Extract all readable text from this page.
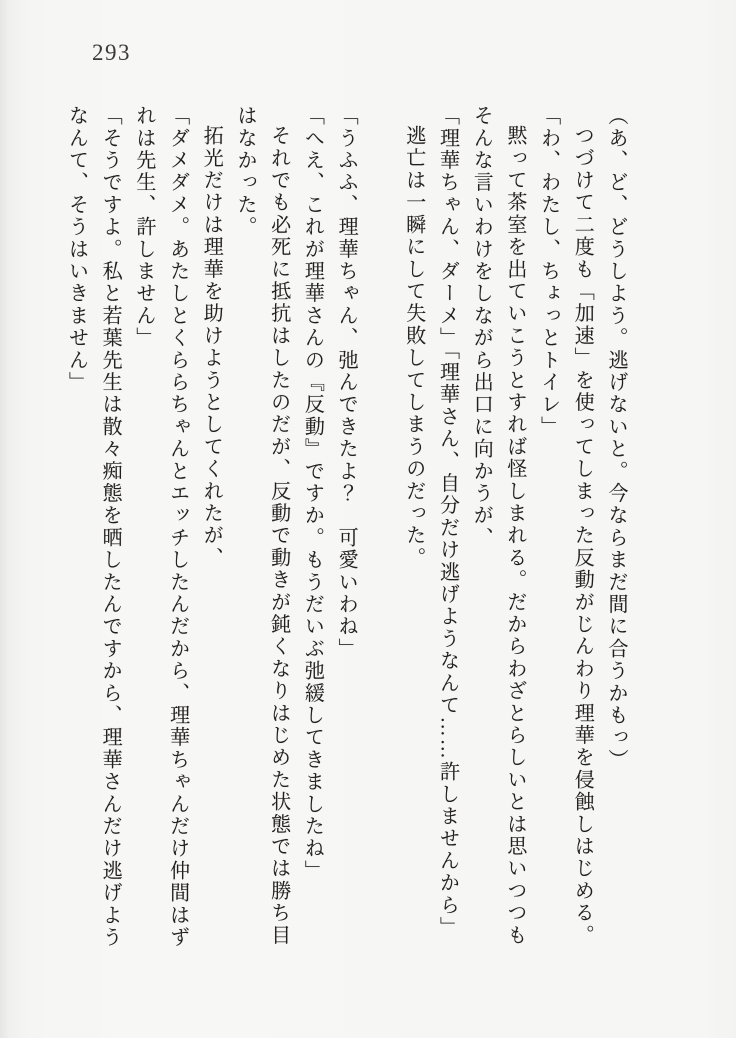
293

（あ、ど、どうしよう。逃げないと。今ならまだ間に合うかもっ）

つづけて二度も「加速」を使ってしまった反動がじんわり理華を侵蝕しはじめる。

「わ、わたし、ちょっとトイレ」

黙って茶室を出ていこうとすれば怪しまれる。だからわざとらしいとは思いつつもそんな言いわけをしながら出口に向かうが、

「理華ちゃん、ダーメ」「理華さん、自分だけ逃げようなんて……許しませんから」

逃亡は一瞬にして失敗してしまうのだった。

「うふふ、理華ちゃん、弛んできたよ？　可愛いわね」

「へえ、これが理華さんの『反動』ですか。もうだいぶ弛緩してきましたね」

それでも必死に抵抗はしたのだが、反動で動きが鈍くなりはじめた状態では勝ち目はなかった。

拓光だけは理華を助けようとしてくれたが、

「ダメダメ。あたしとくららちゃんとエッチしたんだから、理華ちゃんだけ仲間はずれは先生、許しません」

「そうですよ。私と若葉先生は散々痴態を晒したんですから、理華さんだけ逃げようなんて、そうはいきません」
